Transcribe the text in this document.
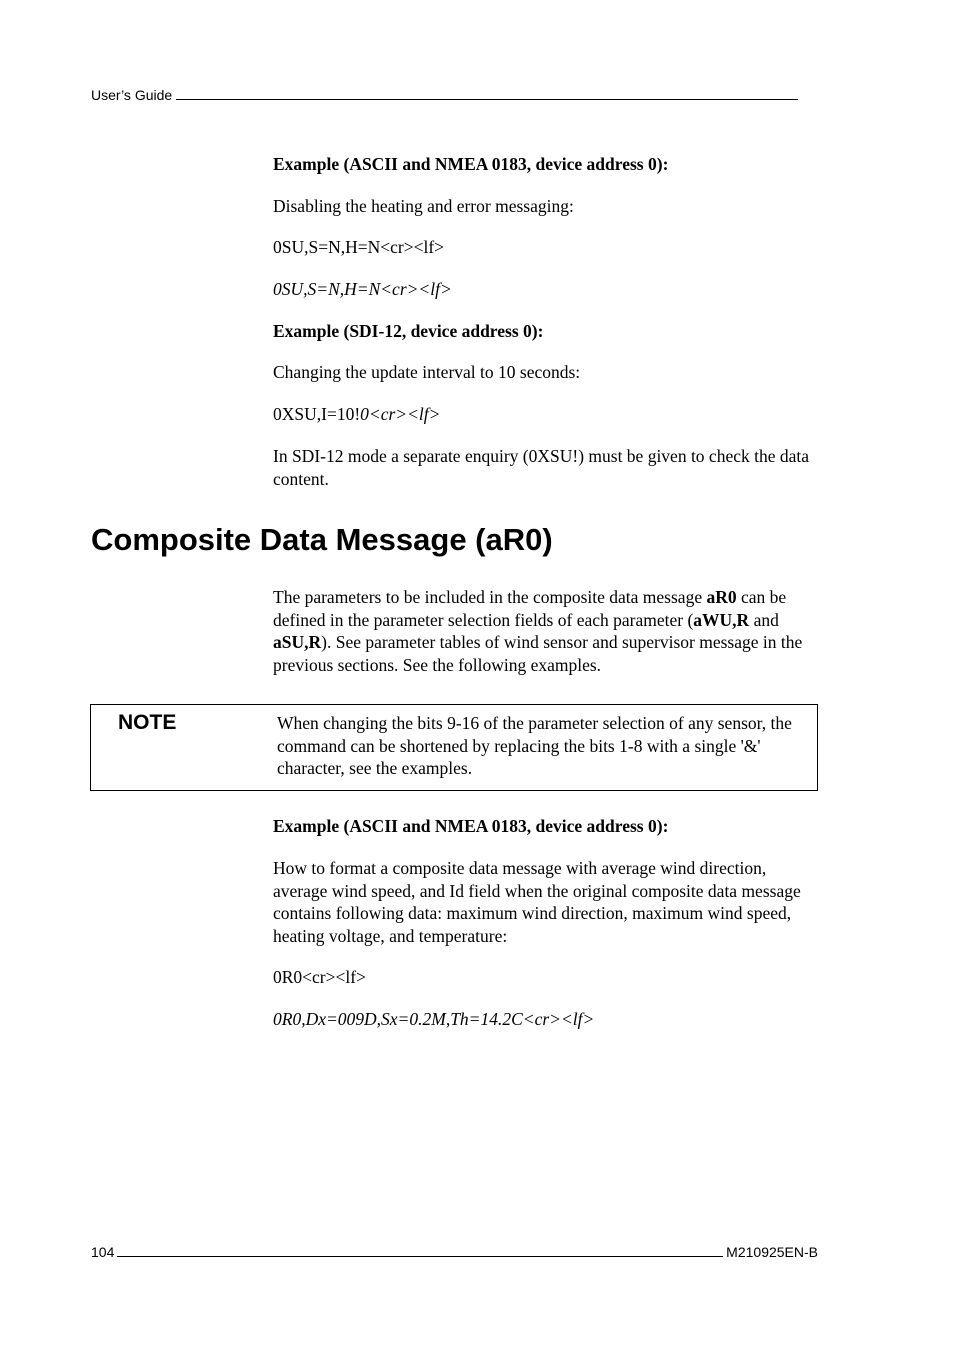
User’s Guide

Example (ASCII and NMEA 0183, device address 0):

Disabling the heating and error messaging:

0SU,S=N,H=N<cr><lf>

0SU,S=N,H=N<cr><lf>

Example (SDI-12, device address 0):

Changing the update interval to 10 seconds:

0XSU,I=10!0<cr><lf>

In SDI-12 mode a separate enquiry (0XSU!) must be given to check the data content.

Composite Data Message (aR0)

The parameters to be included in the composite data message aR0 can be defined in the parameter selection fields of each parameter (aWU,R and aSU,R). See parameter tables of wind sensor and supervisor message in the previous sections. See the following examples.

NOTE	When changing the bits 9-16 of the parameter selection of any sensor, the command can be shortened by replacing the bits 1-8 with a single '&' character, see the examples.

Example (ASCII and NMEA 0183, device address 0):

How to format a composite data message with average wind direction, average wind speed, and Id field when the original composite data message contains following data: maximum wind direction, maximum wind speed, heating voltage, and temperature:

0R0<cr><lf>

0R0,Dx=009D,Sx=0.2M,Th=14.2C<cr><lf>

104	M210925EN-B
